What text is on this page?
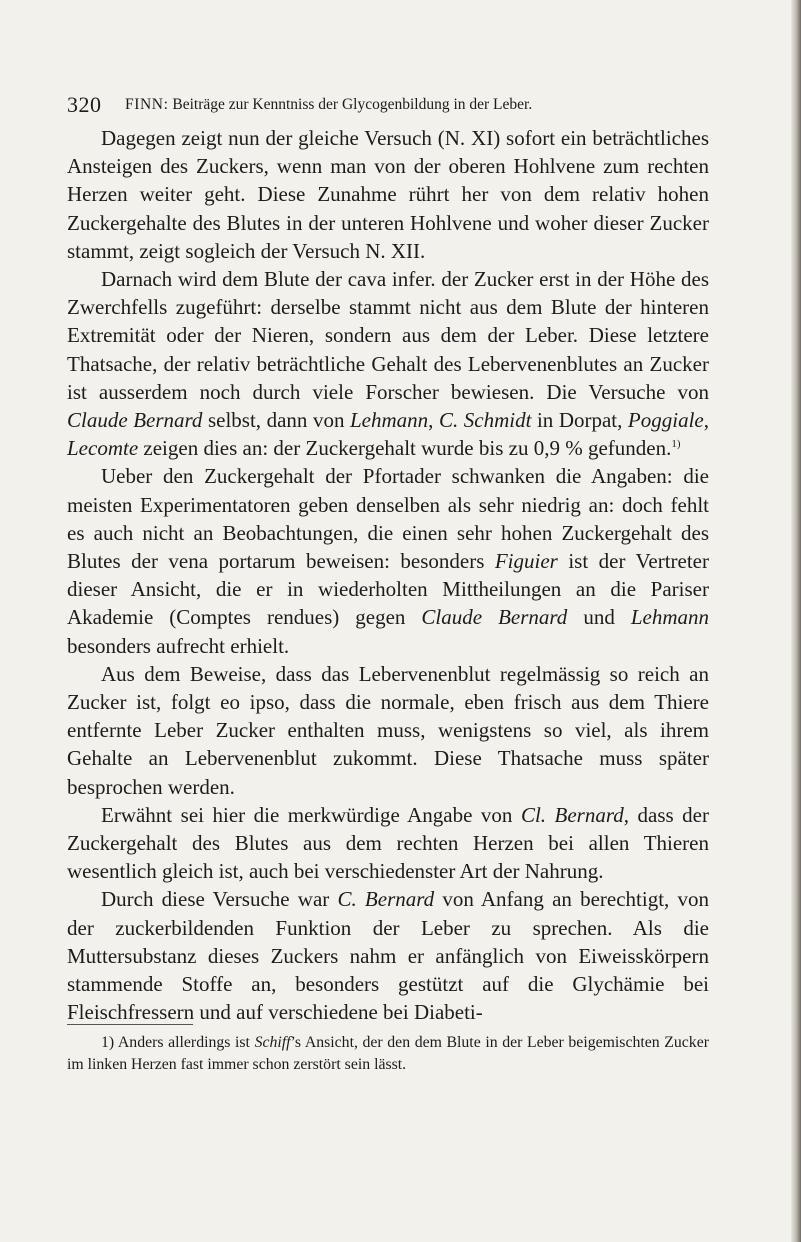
320 FINN: Beiträge zur Kenntniss der Glycogenbildung in der Leber.

Dagegen zeigt nun der gleiche Versuch (N. XI) sofort ein beträchtliches Ansteigen des Zuckers, wenn man von der oberen Hohlvene zum rechten Herzen weiter geht. Diese Zunahme rührt her von dem relativ hohen Zuckergehalte des Blutes in der unteren Hohlvene und woher dieser Zucker stammt, zeigt sogleich der Versuch N. XII.

Darnach wird dem Blute der cava infer. der Zucker erst in der Höhe des Zwerchfells zugeführt: derselbe stammt nicht aus dem Blute der hinteren Extremität oder der Nieren, sondern aus dem der Leber. Diese letztere Thatsache, der relativ beträchtliche Gehalt des Lebervenenblutes an Zucker ist ausserdem noch durch viele Forscher bewiesen. Die Versuche von Claude Bernard selbst, dann von Lehmann, C. Schmidt in Dorpat, Poggiale, Lecomte zeigen dies an: der Zuckergehalt wurde bis zu 0,9 % gefunden.$^{1)}$

Ueber den Zuckergehalt der Pfortader schwanken die Angaben: die meisten Experimentatoren geben denselben als sehr niedrig an: doch fehlt es auch nicht an Beobachtungen, die einen sehr hohen Zuckergehalt des Blutes der vena portarum beweisen: besonders Figuier ist der Vertreter dieser Ansicht, die er in wiederholten Mittheilungen an die Pariser Akademie (Comptes rendues) gegen Claude Bernard und Lehmann besonders aufrecht erhielt.

Aus dem Beweise, dass das Lebervenenblut regelmässig so reich an Zucker ist, folgt eo ipso, dass die normale, eben frisch aus dem Thiere entfernte Leber Zucker enthalten muss, wenigstens so viel, als ihrem Gehalte an Lebervenenblut zukommt. Diese Thatsache muss später besprochen werden.

Erwähnt sei hier die merkwürdige Angabe von Cl. Bernard, dass der Zuckergehalt des Blutes aus dem rechten Herzen bei allen Thieren wesentlich gleich ist, auch bei verschiedenster Art der Nahrung.

Durch diese Versuche war C. Bernard von Anfang an berechtigt, von der zuckerbildenden Funktion der Leber zu sprechen. Als die Muttersubstanz dieses Zuckers nahm er anfänglich von Eiweisskörpern stammende Stoffe an, besonders gestützt auf die Glychämie bei Fleischfressern und auf verschiedene bei Diabeti-

1) Anders allerdings ist Schiff’s Ansicht, der den dem Blute in der Leber beigemischten Zucker im linken Herzen fast immer schon zerstört sein lässt.
